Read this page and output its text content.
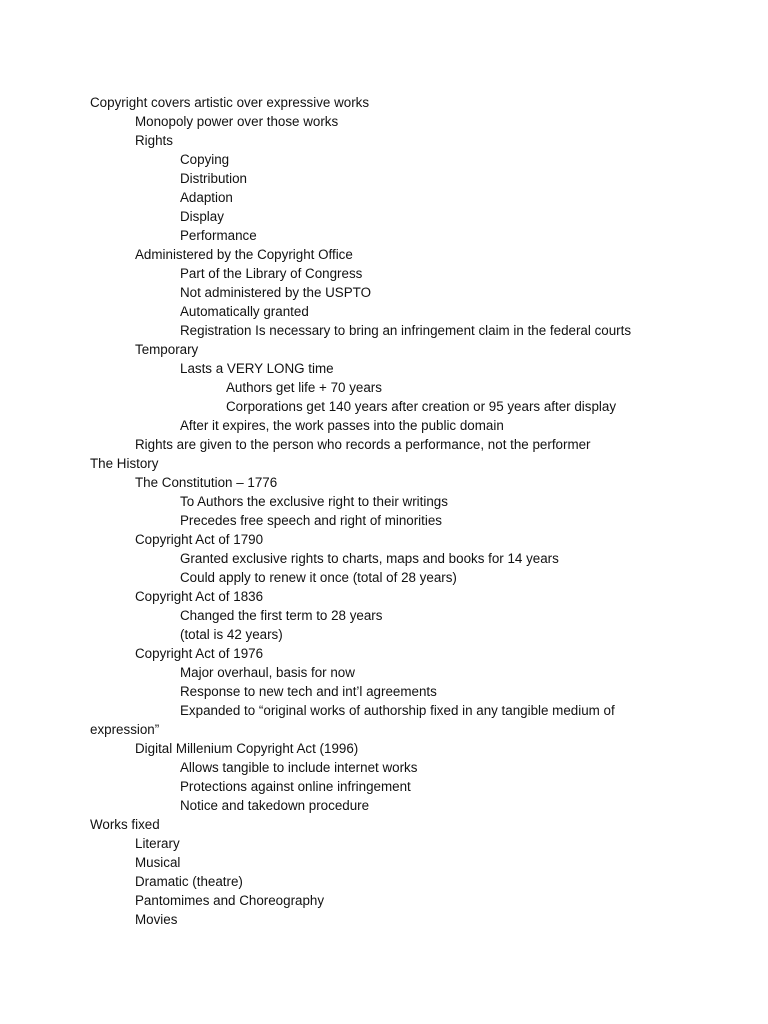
Copyright covers artistic over expressive works
Monopoly power over those works
Rights
Copying
Distribution
Adaption
Display
Performance
Administered by the Copyright Office
Part of the Library of Congress
Not administered by the USPTO
Automatically granted
Registration Is necessary to bring an infringement claim in the federal courts
Temporary
Lasts a VERY LONG time
Authors get life + 70 years
Corporations get 140 years after creation or 95 years after display
After it expires, the work passes into the public domain
Rights are given to the person who records a performance, not the performer
The History
The Constitution – 1776
To Authors the exclusive right to their writings
Precedes free speech and right of minorities
Copyright Act of 1790
Granted exclusive rights to charts, maps and books for 14 years
Could apply to renew it once (total of 28 years)
Copyright Act of 1836
Changed the first term to 28 years
(total is 42 years)
Copyright Act of 1976
Major overhaul, basis for now
Response to new tech and int’l agreements
Expanded to “original works of authorship fixed in any tangible medium of expression”
Digital Millenium Copyright Act (1996)
Allows tangible to include internet works
Protections against online infringement
Notice and takedown procedure
Works fixed
Literary
Musical
Dramatic (theatre)
Pantomimes and Choreography
Movies
